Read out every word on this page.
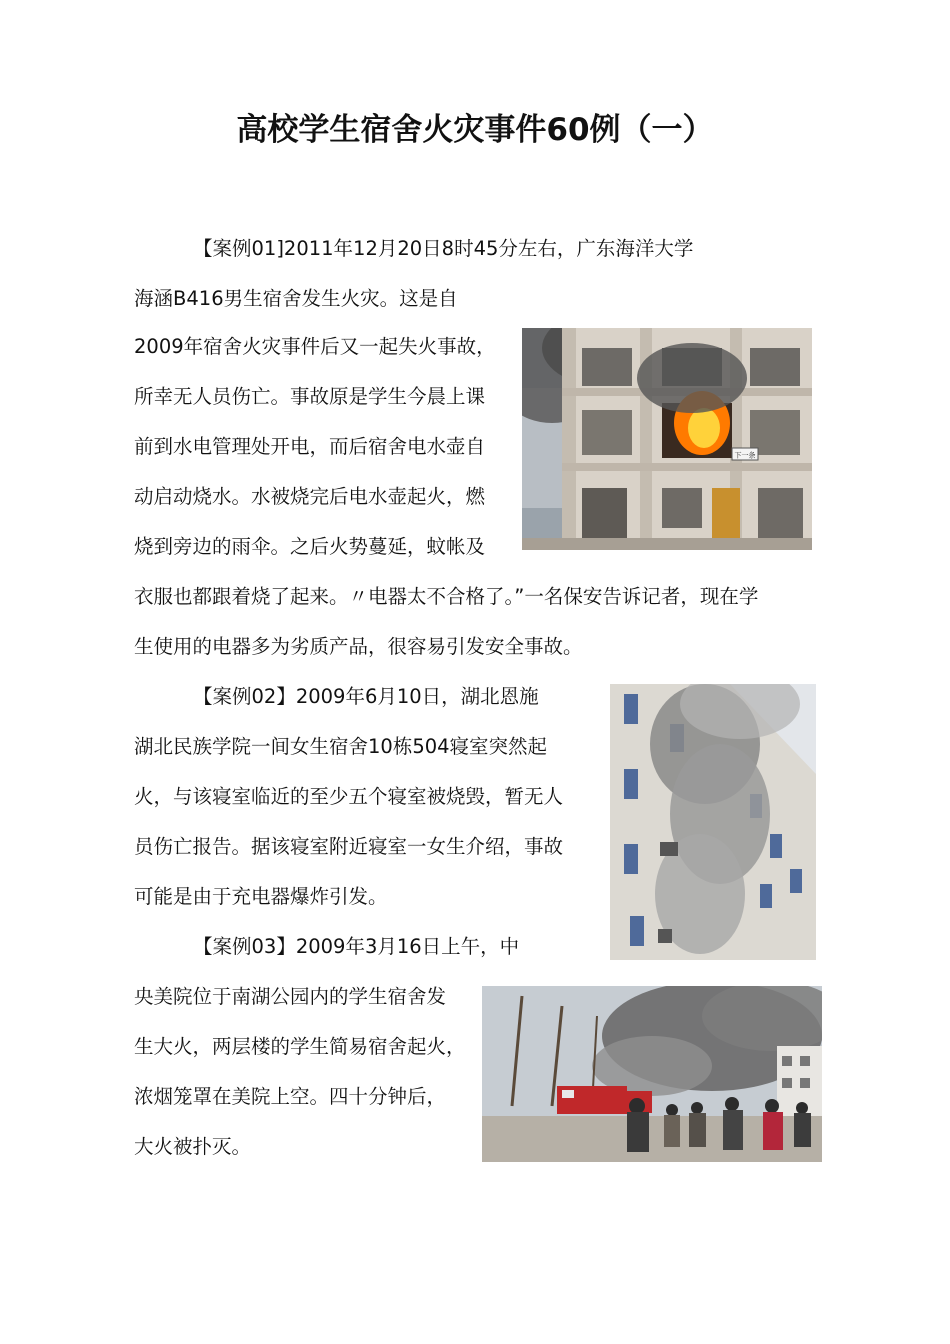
高校学生宿舍火灾事件60例（一）

【案例01]2011年12月20日8时45分左右，广东海洋大学

海涵B416男生宿舍发生火灾。这是自

2009年宿舍火灾事件后又一起失火事故，

所幸无人员伤亡。事故原是学生今晨上课

前到水电管理处开电，而后宿舍电水壶自

动启动烧水。水被烧完后电水壶起火，燃

烧到旁边的雨伞。之后火势蔓延，蚊帐及

衣服也都跟着烧了起来。〃电器太不合格了。”一名保安告诉记者，现在学

生使用的电器多为劣质产品，很容易引发安全事故。

下一条

【案例02】2009年6月10日，湖北恩施

湖北民族学院一间女生宿舍10栋504寝室突然起

火，与该寝室临近的至少五个寝室被烧毁，暂无人

员伤亡报告。据该寝室附近寝室一女生介绍，事故

可能是由于充电器爆炸引发。

【案例03】2009年3月16日上午，中

央美院位于南湖公园内的学生宿舍发

生大火，两层楼的学生简易宿舍起火，

浓烟笼罩在美院上空。四十分钟后，

大火被扑灭。
